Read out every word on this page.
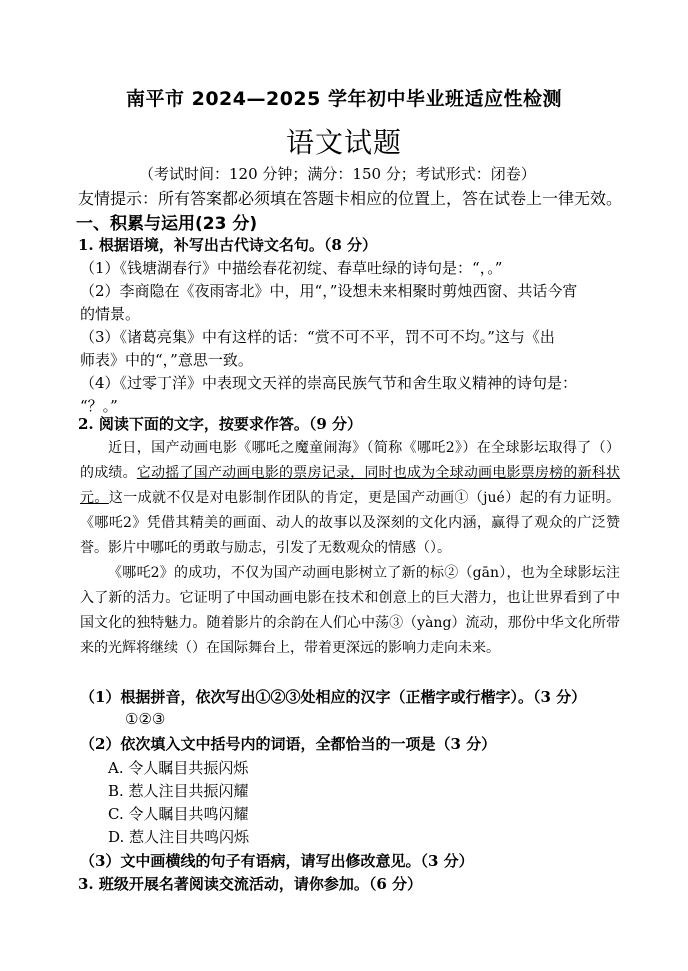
南平市 2024—2025 学年初中毕业班适应性检测
语文试题
（考试时间：120 分钟；满分：150 分；考试形式：闭卷）
友情提示：所有答案都必须填在答题卡相应的位置上，答在试卷上一律无效。
一、积累与运用(23 分)
1. 根据语境，补写出古代诗文名句。（8 分）
（1）《钱塘湖春行》中描绘春花初绽、春草吐绿的诗句是：“，。”
（2）李商隐在《夜雨寄北》中，用“，”设想未来相聚时剪烛西窗、共话今宵
的情景。
（3）《诸葛亮集》中有这样的话：“赏不可不平，罚不可不均。”这与《出
师表》中的“，”意思一致。
（4）《过零丁洋》中表现文天祥的崇高民族气节和舍生取义精神的诗句是：
“？。”
2. 阅读下面的文字，按要求作答。（9 分）

近日，国产动画电影《哪吒之魔童闹海》（简称《哪吒2》）在全球影坛取得了（）的成绩。它动摇了国产动画电影的票房记录，同时也成为全球动画电影票房榜的新科状元。这一成就不仅是对电影制作团队的肯定，更是国产动画①（jué）起的有力证明。《哪吒2》凭借其精美的画面、动人的故事以及深刻的文化内涵，赢得了观众的广泛赞誉。影片中哪吒的勇敢与励志，引发了无数观众的情感（）。

《哪吒2》的成功，不仅为国产动画电影树立了新的标②（gān），也为全球影坛注入了新的活力。它证明了中国动画电影在技术和创意上的巨大潜力，也让世界看到了中国文化的独特魅力。随着影片的余韵在人们心中荡③（yàng）流动，那份中华文化所带来的光辉将继续（）在国际舞台上，带着更深远的影响力走向未来。

（1）根据拼音，依次写出①②③处相应的汉字（正楷字或行楷字）。（3 分）
①②③
（2）依次填入文中括号内的词语，全都恰当的一项是（3 分）
A. 令人瞩目共振闪烁
B. 惹人注目共振闪耀
C. 令人瞩目共鸣闪耀
D. 惹人注目共鸣闪烁
（3）文中画横线的句子有语病，请写出修改意见。（3 分）
3. 班级开展名著阅读交流活动，请你参加。（6 分）
